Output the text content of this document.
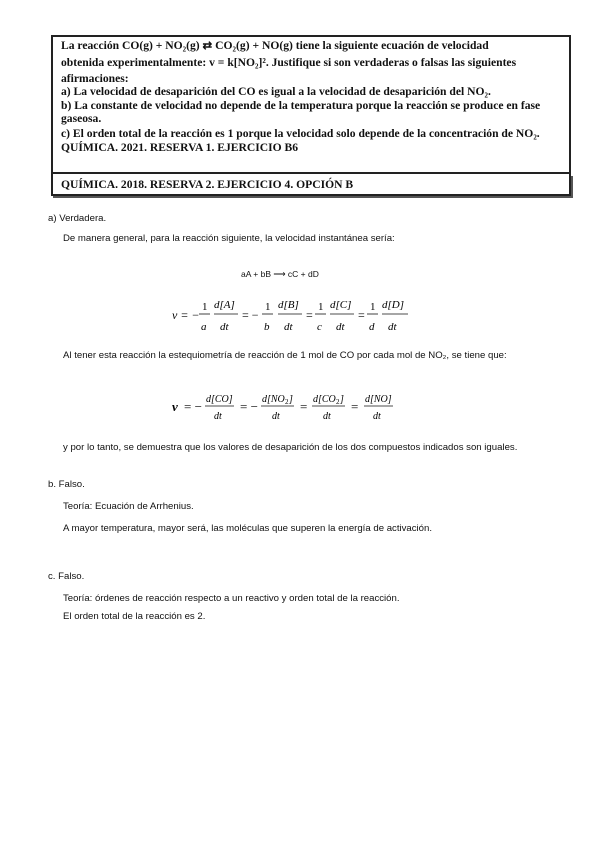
La reacción CO(g) + NO₂(g) ⇄ CO₂(g) + NO(g) tiene la siguiente ecuación de velocidad

obtenida experimentalmente: v = k[NO₂]². Justifique si son verdaderas o falsas las siguientes

afirmaciones:

a) La velocidad de desaparición del CO es igual a la velocidad de desaparición del NO₂.

b) La constante de velocidad no depende de la temperatura porque la reacción se produce en fase gaseosa.

c) El orden total de la reacción es 1 porque la velocidad solo depende de la concentración de NO₂.

QUÍMICA. 2021. RESERVA 1. EJERCICIO B6

QUÍMICA. 2018. RESERVA 2. EJERCICIO 4. OPCIÓN B
a) Verdadera.
De manera general, para la reacción siguiente, la velocidad instantánea sería:
aA + bB ⟶ cC + dD
v = −
1
a
d[A]
dt
= −
1
b
d[B]
dt
=
1
c
d[C]
dt
=
1
d
d[D]
dt
Al tener esta reacción la estequiometría de reacción de 1 mol de CO por cada mol de NO₂, se tiene que:
v = − d[CO]
dt
= − d[NO 2 ]
dt
= d[CO 2 ]
dt
= d[NO]
dt
y por lo tanto, se demuestra que los valores de desaparición de los dos compuestos indicados son iguales.
b. Falso.
Teoría: Ecuación de Arrhenius.
A mayor temperatura, mayor será, las moléculas que superen la energía de activación.
c. Falso.
Teoría: órdenes de reacción respecto a un reactivo y orden total de la reacción.
El orden total de la reacción es 2.
